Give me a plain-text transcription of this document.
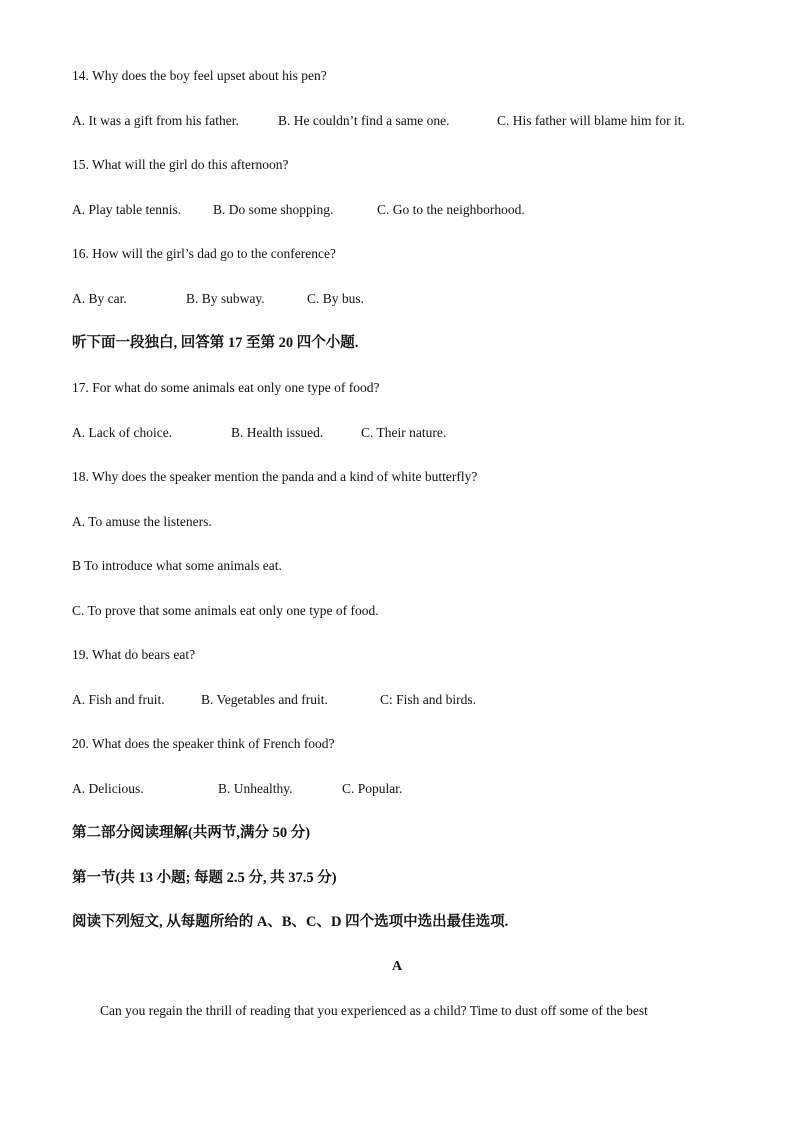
14. Why does the boy feel upset about his pen?
A. It was a gift from his father.	B. He couldn’t find a same one.	C. His father will blame him for it.
15. What will the girl do this afternoon?
A. Play table tennis. B. Do some shopping.	C. Go to the neighborhood.
16. How will the girl’s dad go to the conference?
A. By car.	B. By subway.	C. By bus.
听下面一段独白, 回答第 17 至第 20 四个小题.
17. For what do some animals eat only one type of food?
A. Lack of choice.	B. Health issued.	C. Their nature.
18. Why does the speaker mention the panda and a kind of white butterfly?
A. To amuse the listeners.
B To introduce what some animals eat.
C. To prove that some animals eat only one type of food.
19. What do bears eat?
A. Fish and fruit.	B. Vegetables and fruit.	C: Fish and birds.
20. What does the speaker think of French food?
A. Delicious.	B. Unhealthy.	C. Popular.
第二部分阅读理解(共两节,满分 50 分)
第一节(共 13 小题; 每题 2.5 分, 共 37.5 分)
阅读下列短文, 从每题所给的 A、B、C、D 四个选项中选出最佳选项.
A
Can you regain the thrill of reading that you experienced as a child? Time to dust off some of the best
